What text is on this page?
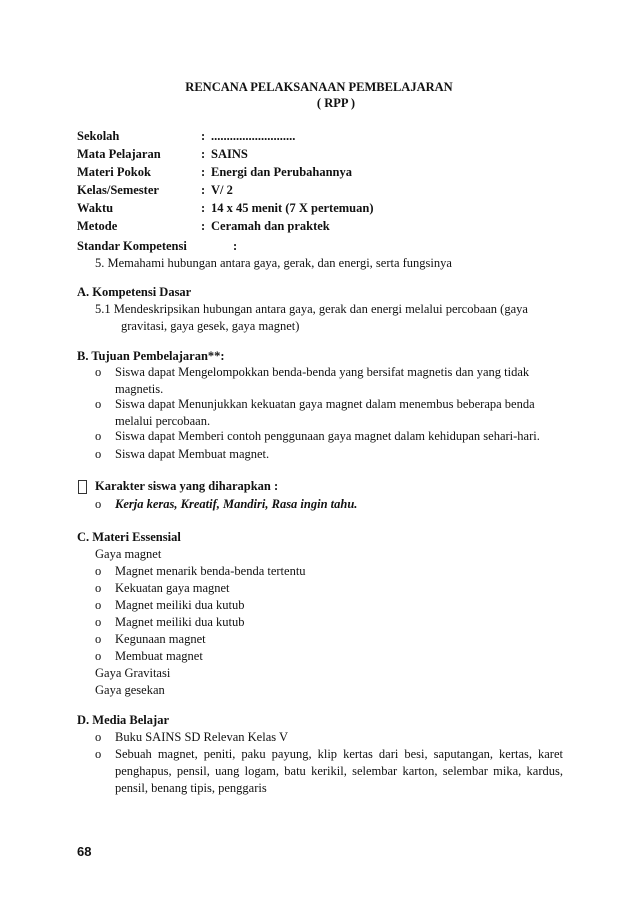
RENCANA PELAKSANAAN PEMBELAJARAN
( RPP )
Sekolah	: ...........................
Mata Pelajaran	: SAINS
Materi Pokok	: Energi dan Perubahannya
Kelas/Semester	: V/ 2
Waktu	: 14 x 45 menit (7 X pertemuan)
Metode	: Ceramah dan praktek
Standar Kompetensi	:
5. Memahami hubungan antara gaya, gerak, dan energi, serta fungsinya
A. Kompetensi Dasar
5.1 Mendeskripsikan hubungan antara gaya, gerak dan energi melalui percobaan (gaya
gravitasi, gaya gesek, gaya magnet)
B. Tujuan Pembelajaran**:
o Siswa dapat Mengelompokkan benda-benda yang bersifat magnetis dan yang tidak magnetis.
o Siswa dapat Menunjukkan kekuatan gaya magnet dalam menembus beberapa benda melalui percobaan.
o Siswa dapat Memberi contoh penggunaan gaya magnet dalam kehidupan sehari-hari.
o Siswa dapat Membuat magnet.
Karakter siswa yang diharapkan :
o Kerja keras, Kreatif, Mandiri, Rasa ingin tahu.
C. Materi Essensial
Gaya magnet
o Magnet menarik benda-benda tertentu
o Kekuatan gaya magnet
o Magnet meiliki dua kutub
o Magnet meiliki dua kutub
o Kegunaan magnet
o Membuat magnet
Gaya Gravitasi
Gaya gesekan
D. Media Belajar
o Buku SAINS SD Relevan Kelas V
o Sebuah magnet, peniti, paku payung, klip kertas dari besi, saputangan, kertas, karet penghapus, pensil, uang logam, batu kerikil, selembar karton, selembar mika, kardus, pensil, benang tipis, penggaris
68
